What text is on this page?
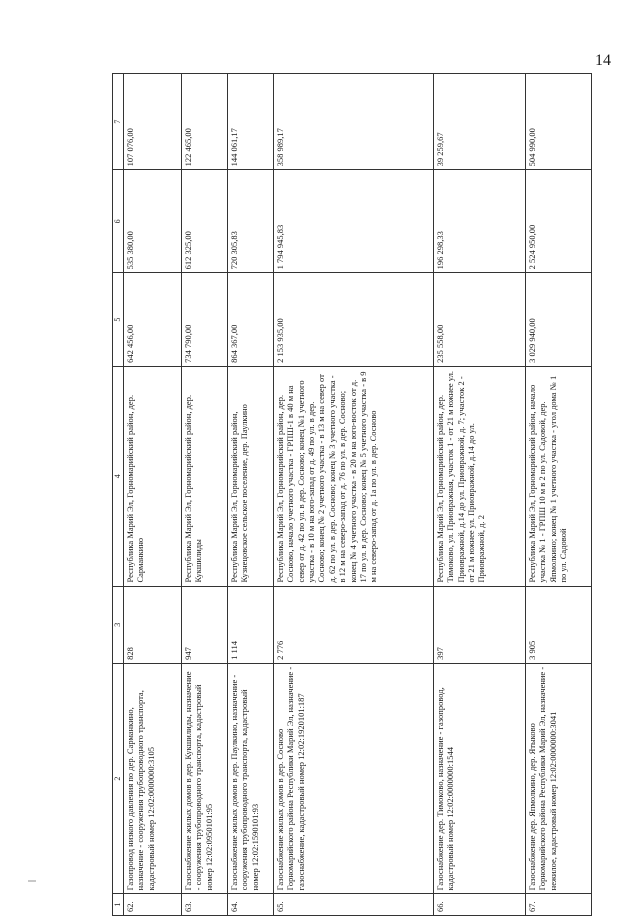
14
1	2	3	4	5	6	7
62.	Газопровод низкого давления по дер. Сарманкино, назначение - сооружения трубопроводного транспорта, кадастровый номер 12:02:0000000:3105	828	Республика Марий Эл, Горномарийский район, дер. Сарманкино	642 456,00	535 380,00	107 076,00
63.	Газоснабжение жилых домов в дер. Кукшилиды, назначение - сооружения трубопроводного транспорта, кадастровый номер 12:02:0950101:95	947	Республика Марий Эл, Горномарийский район, дер. Кукшилиды	734 790,00	612 325,00	122 465,00
64.	Газоснабжение жилых домов в дер. Паулкино, назначение - сооружения трубопроводного транспорта, кадастровый номер 12:02:1590101:93	1 114	Республика Марий Эл, Горномарийский район, Кузнецовское сельское поселение, дер. Паулкино	864 367,00	720 305,83	144 061,17
65.	Газоснабжение жилых домов в дер. Сосново Горномарийского района Республики Марий Эл, назначение - газоснабжение, кадастровый номер 12:02:1920101:187	2 776	Республика Марий Эл, Горномарийский район, дер. Сосново, начало учетного участка - ГРПШ-1 в 40 м на север от д. 42 по ул. в дер. Сосново; конец №1 учетного участка - в 10 м на юго-запад от д. 49 по ул. в дер. Сосново; конец № 2 учетного участка - в 13 м на север от д. 62 по ул. в дер. Сосново; конец № 3 учетного участка - в 12 м на северо-запад от д. 76 по ул. в дер. Сосново; конец № 4 учетного участка - в 20 м на юго-восток от д. 17 по ул. в дер. Сосново; конец № 5 учетного участка - в 9 м на северо-запад от д. 1а по ул. в дер. Сосново	2 153 935,00	1 794 945,83	358 989,17
66.	Газоснабжение дер. Тимоково, назначение - газопровод, кадастровый номер 12:02:0000000:1544	397	Республика Марий Эл, Горномарийский район, дер. Тимоково, ул. Приовражная, участок 1 - от 21 м южнее ул. Приовражной, д.14 до ул. Приовражной, д. 7; участок 2 - от 21 м южнее ул. Приовражной, д.14 до ул. Приовражной, д. 2	235 558,00	196 298,33	39 259,67
67.	Газоснабжение дер. Япмолкино, дер. Ятыково Горномарийского района Республики Марий Эл, назначение - нежилое, кадастровый номер 12:02:0000000:3041	3 905	Республика Марий Эл, Горномарийский район, начало участка № 1 - ГРПШ 10 м в 2 по ул. Садовой, дер. Япмолкино; конец № 1 учетного участка - угол дома № 1 по ул. Садовой	3 029 940,00	2 524 950,00	504 990,00
